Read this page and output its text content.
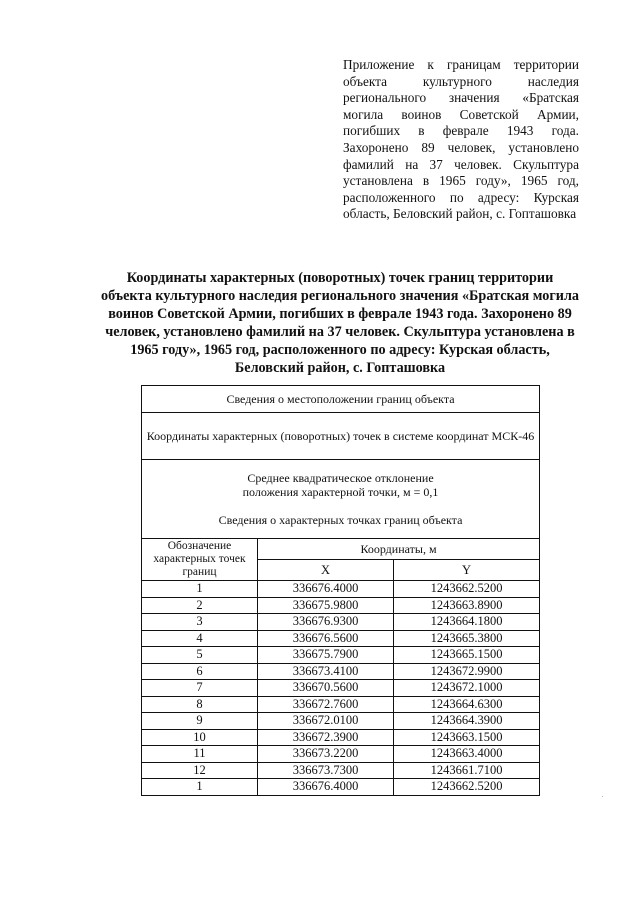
Приложение к границам территории объекта культурного наследия регионального значения «Братская могила воинов Советской Армии, погибших в феврале 1943 года. Захоронено 89 человек, установлено фамилий на 37 человек. Скульптура установлена в 1965 году», 1965 год, расположенного по адресу: Курская область, Беловский район, с. Гопташовка
Координаты характерных (поворотных) точек границ территории объекта культурного наследия регионального значения «Братская могила воинов Советской Армии, погибших в феврале 1943 года. Захоронено 89 человек, установлено фамилий на 37 человек. Скульптура установлена в 1965 году», 1965 год, расположенного по адресу: Курская область, Беловский район, с. Гопташовка
Сведения о местоположении границ объекта		
Координаты характерных (поворотных) точек в системе координат МСК-46		

Среднее квадратическое отклонение
положения характерной точки, м = 0,1
Сведения о характерных точках границ объекта		

Обозначение характерных точек границ	Координаты, м	
	X	Y
1	336676.4000	1243662.5200
2	336675.9800	1243663.8900
3	336676.9300	1243664.1800
4	336676.5600	1243665.3800
5	336675.7900	1243665.1500
6	336673.4100	1243672.9900
7	336670.5600	1243672.1000
8	336672.7600	1243664.6300
9	336672.0100	1243664.3900
10	336672.3900	1243663.1500
11	336673.2200	1243663.4000
12	336673.7300	1243661.7100
1	336676.4000	1243662.5200
